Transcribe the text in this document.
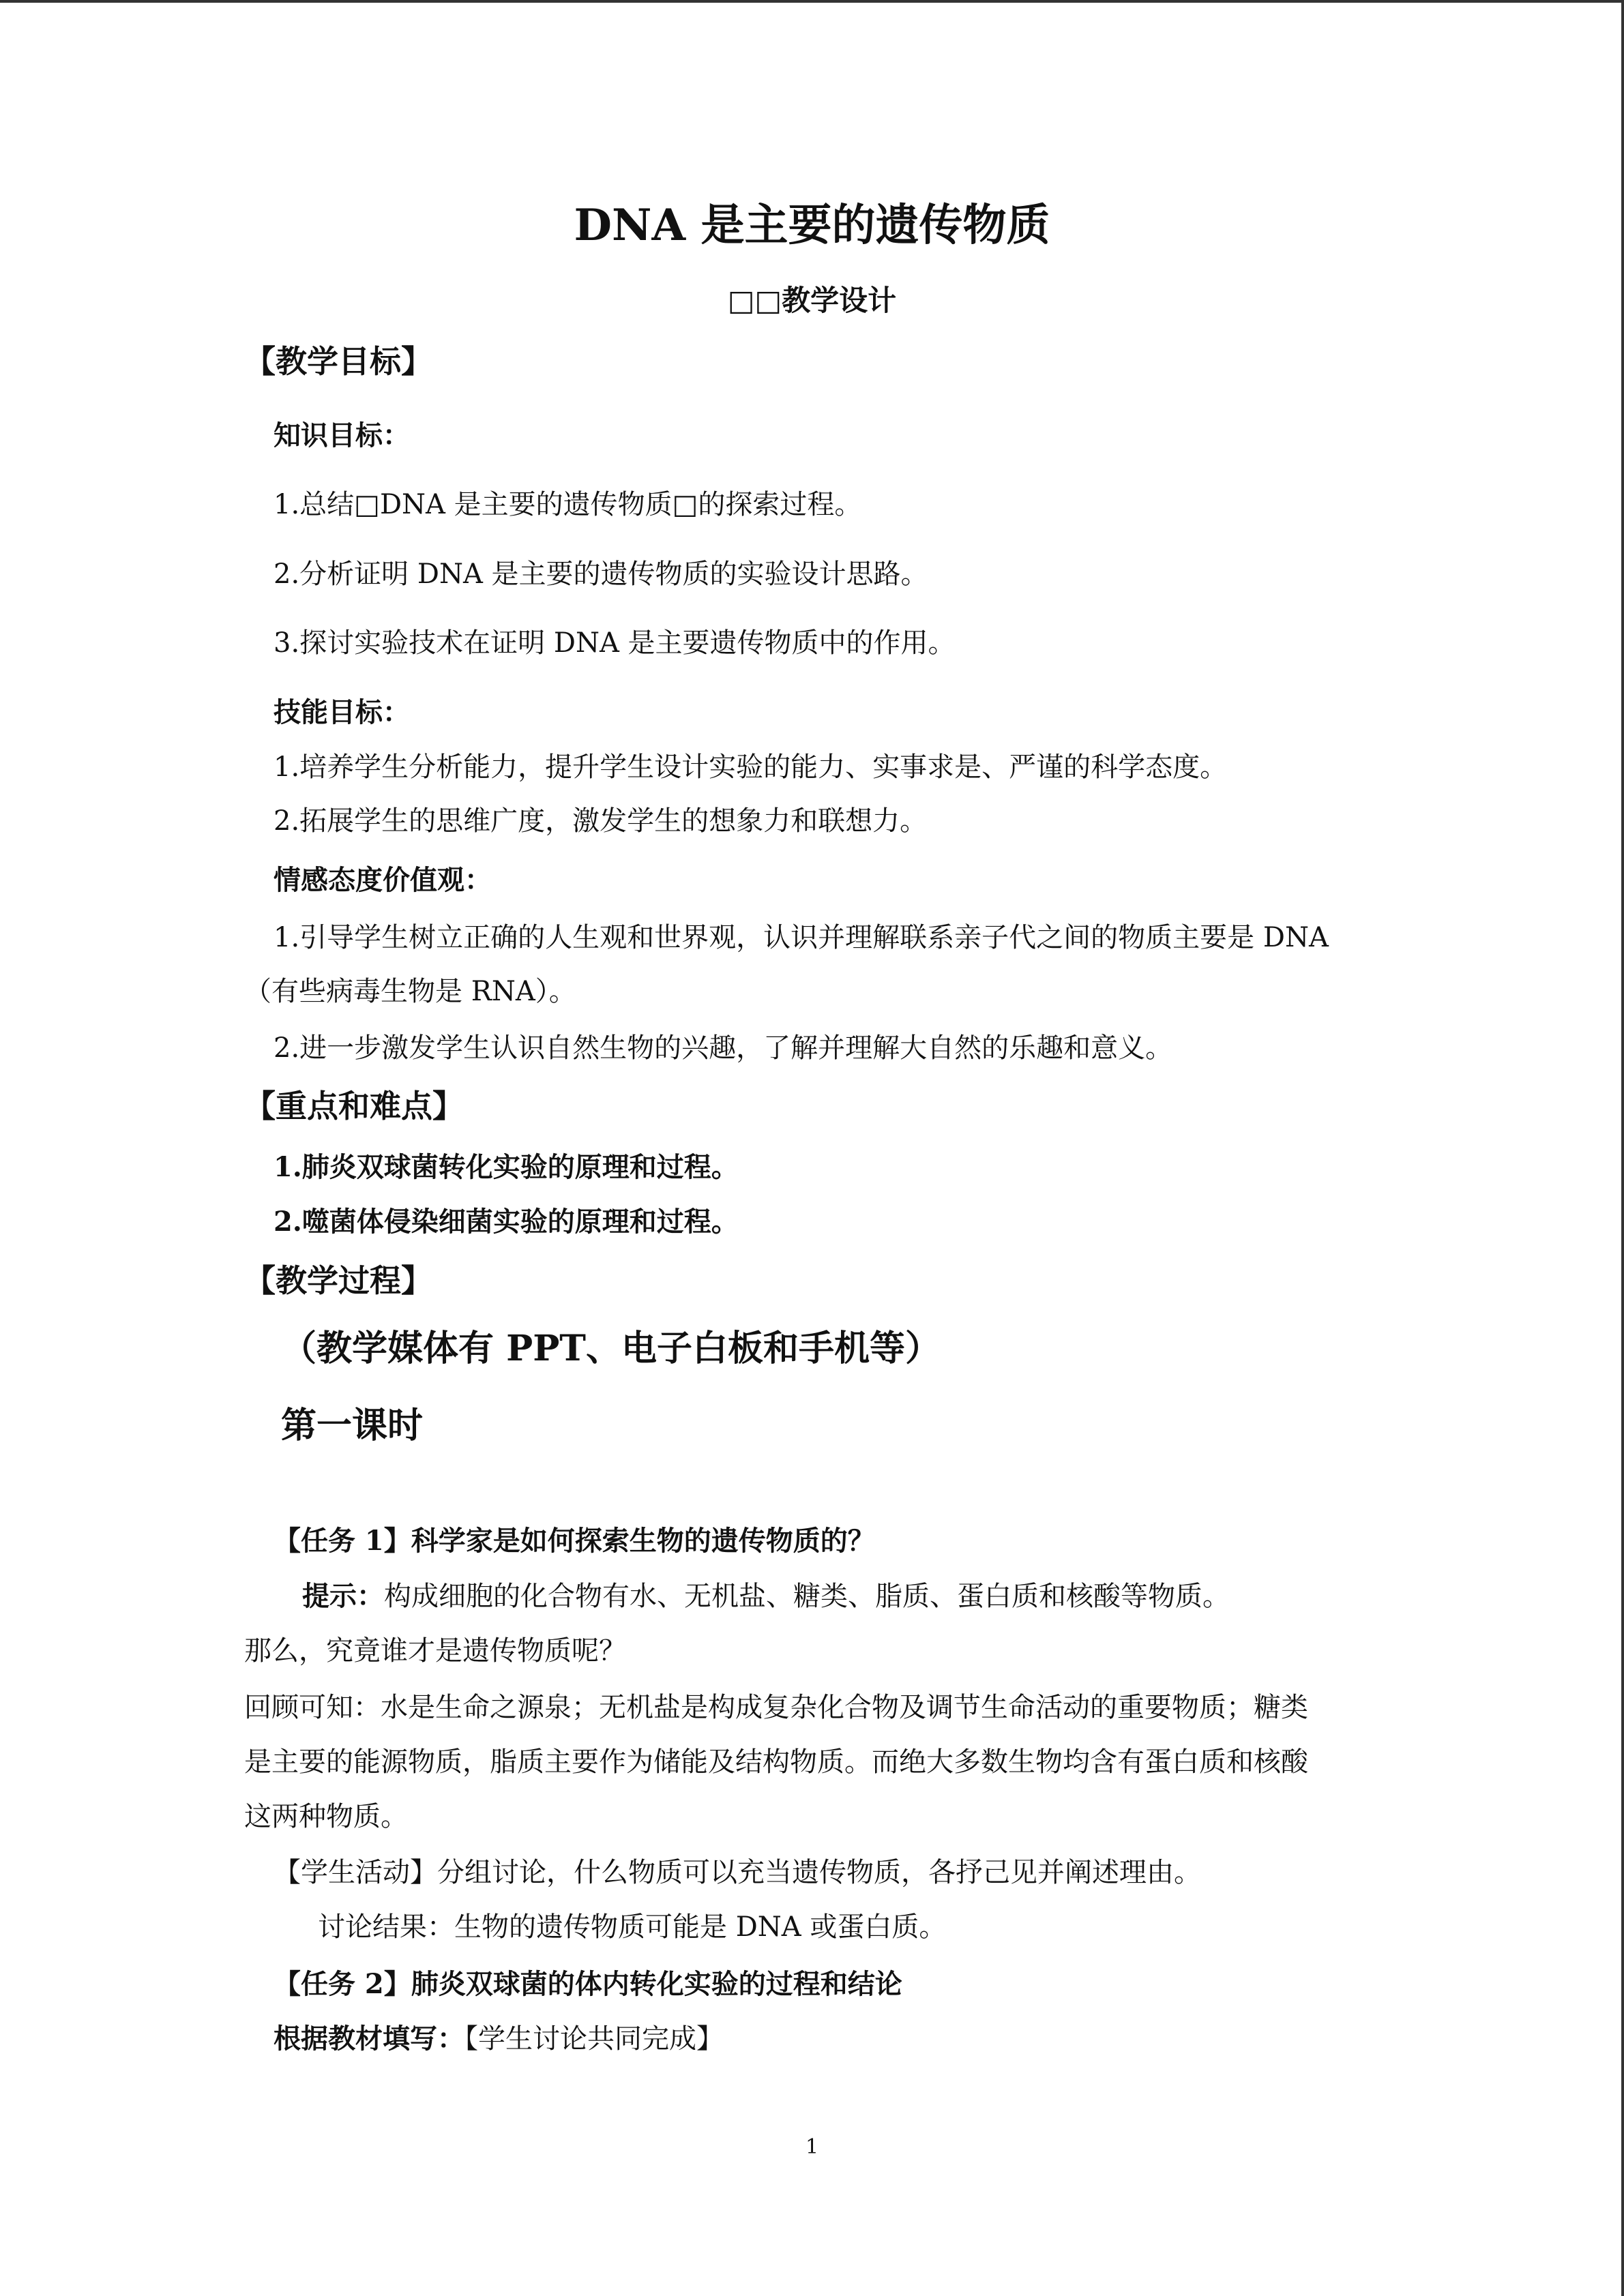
DNA 是主要的遗传物质
□□教学设计
【教学目标】
知识目标：
1.总结□DNA 是主要的遗传物质□的探索过程。
2.分析证明 DNA 是主要的遗传物质的实验设计思路。
3.探讨实验技术在证明 DNA 是主要遗传物质中的作用。
技能目标：
1.培养学生分析能力，提升学生设计实验的能力、实事求是、严谨的科学态度。
2.拓展学生的思维广度，激发学生的想象力和联想力。
情感态度价值观：
1.引导学生树立正确的人生观和世界观，认识并理解联系亲子代之间的物质主要是 DNA
（有些病毒生物是 RNA）。
2.进一步激发学生认识自然生物的兴趣，了解并理解大自然的乐趣和意义。
【重点和难点】
1.肺炎双球菌转化实验的原理和过程。
2.噬菌体侵染细菌实验的原理和过程。
【教学过程】
（教学媒体有 PPT、电子白板和手机等）
第一课时
【任务 1】科学家是如何探索生物的遗传物质的？
提示：构成细胞的化合物有水、无机盐、糖类、脂质、蛋白质和核酸等物质。
那么，究竟谁才是遗传物质呢？
回顾可知：水是生命之源泉；无机盐是构成复杂化合物及调节生命活动的重要物质；糖类
是主要的能源物质，脂质主要作为储能及结构物质。而绝大多数生物均含有蛋白质和核酸
这两种物质。
【学生活动】分组讨论，什么物质可以充当遗传物质，各抒己见并阐述理由。
讨论结果：生物的遗传物质可能是 DNA 或蛋白质。
【任务 2】肺炎双球菌的体内转化实验的过程和结论
根据教材填写：【学生讨论共同完成】
1
